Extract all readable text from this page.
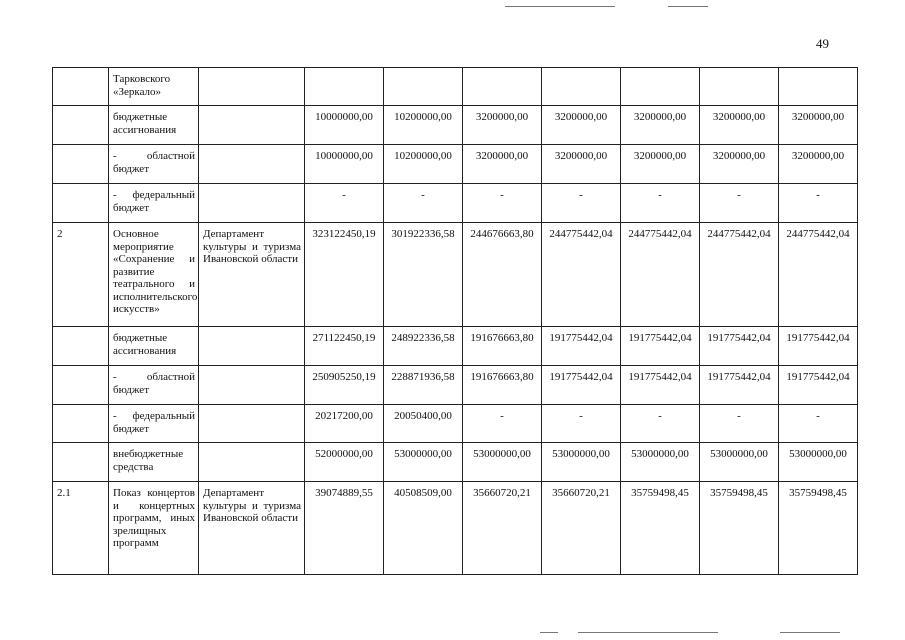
49
	Тарковского «Зеркало»								
	бюджетные ассигнования		10000000,00	10200000,00	3200000,00	3200000,00	3200000,00	3200000,00	3200000,00
	- областной бюджет		10000000,00	10200000,00	3200000,00	3200000,00	3200000,00	3200000,00	3200000,00
	- федеральный бюджет		-	-	-	-	-	-	-
2	Основное мероприятие «Сохранение и развитие театрального и исполнительского искусств»	Департамент культуры и туризма Ивановской области	323122450,19	301922336,58	244676663,80	244775442,04	244775442,04	244775442,04	244775442,04
	бюджетные ассигнования		271122450,19	248922336,58	191676663,80	191775442,04	191775442,04	191775442,04	191775442,04
	- областной бюджет		250905250,19	228871936,58	191676663,80	191775442,04	191775442,04	191775442,04	191775442,04
	- федеральный бюджет		20217200,00	20050400,00	-	-	-	-	-
	внебюджетные средства		52000000,00	53000000,00	53000000,00	53000000,00	53000000,00	53000000,00	53000000,00
2.1	Показ концертов и концертных программ, иных зрелищных программ	Департамент культуры и туризма Ивановской области	39074889,55	40508509,00	35660720,21	35660720,21	35759498,45	35759498,45	35759498,45
